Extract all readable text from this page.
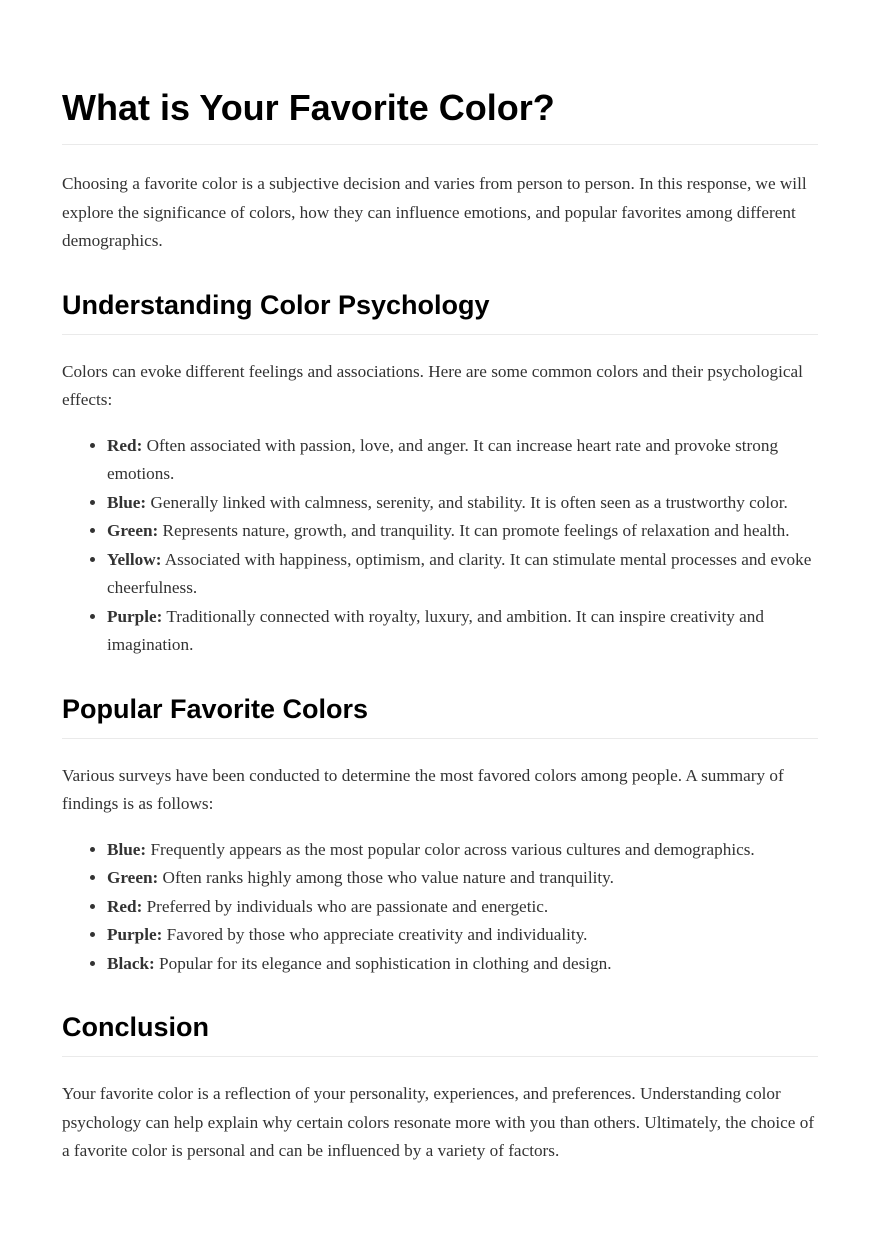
What is Your Favorite Color?

Choosing a favorite color is a subjective decision and varies from person to person. In this response, we will explore the significance of colors, how they can influence emotions, and popular favorites among different demographics.

Understanding Color Psychology

Colors can evoke different feelings and associations. Here are some common colors and their psychological effects:

• Red: Often associated with passion, love, and anger. It can increase heart rate and provoke strong emotions.
• Blue: Generally linked with calmness, serenity, and stability. It is often seen as a trustworthy color.
• Green: Represents nature, growth, and tranquility. It can promote feelings of relaxation and health.
• Yellow: Associated with happiness, optimism, and clarity. It can stimulate mental processes and evoke cheerfulness.
• Purple: Traditionally connected with royalty, luxury, and ambition. It can inspire creativity and imagination.
Popular Favorite Colors

Various surveys have been conducted to determine the most favored colors among people. A summary of findings is as follows:

• Blue: Frequently appears as the most popular color across various cultures and demographics.
• Green: Often ranks highly among those who value nature and tranquility.
• Red: Preferred by individuals who are passionate and energetic.
• Purple: Favored by those who appreciate creativity and individuality.
• Black: Popular for its elegance and sophistication in clothing and design.
Conclusion

Your favorite color is a reflection of your personality, experiences, and preferences. Understanding color psychology can help explain why certain colors resonate more with you than others. Ultimately, the choice of a favorite color is personal and can be influenced by a variety of factors.
